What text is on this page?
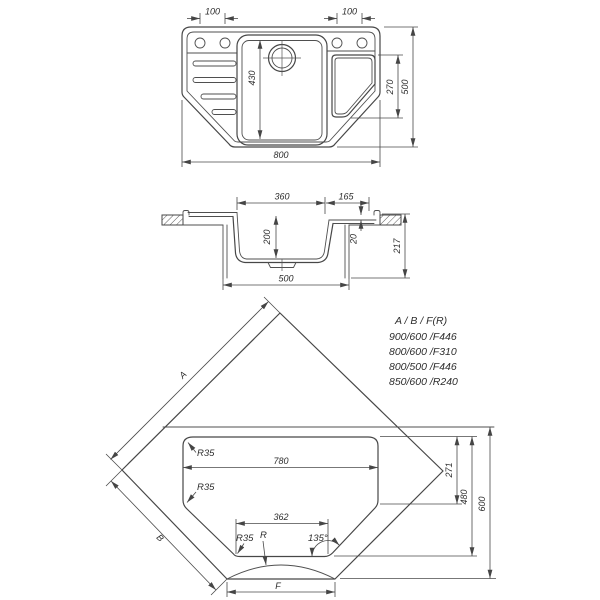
430
100	100
270 500
800
360	165
200	20	217
500
780
R35
R35
R35
362
R	135°
F
A
B
271
480 600
A / B / F(R)
900/600 /F446
800/600 /F310
800/500 /F446
850/600 /R240
